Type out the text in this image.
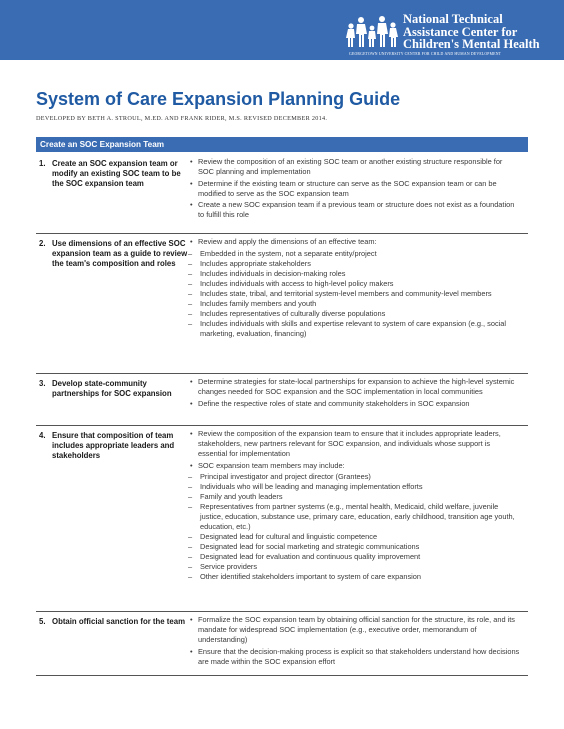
National Technical
Assistance Center for
Children's Mental Health
GEORGETOWN UNIVERSITY CENTER FOR CHILD AND HUMAN DEVELOPMENT
System of Care Expansion Planning Guide
DEVELOPED BY BETH A. STROUL, M.ED. AND FRANK RIDER, M.S. REVISED DECEMBER 2014.
Create an SOC Expansion Team
1. Create an SOC expansion team or modify an existing SOC team to be the SOC expansion team
• Review the composition of an existing SOC team or another existing structure responsible for SOC planning and implementation
• Determine if the existing team or structure can serve as the SOC expansion team or can be modified to serve as the SOC expansion team
• Create a new SOC expansion team if a previous team or structure does not exist as a foundation to fulfill this role
2. Use dimensions of an effective SOC expansion team as a guide to review the team's composition and roles
• Review and apply the dimensions of an effective team:
–	Embedded in the system, not a separate entity/project
–	Includes appropriate stakeholders
–	Includes individuals in decision-making roles
–	Includes individuals with access to high-level policy makers
–	Includes state, tribal, and territorial system-level members and community-level members
–	Includes family members and youth
–	Includes representatives of culturally diverse populations
–	Includes individuals with skills and expertise relevant to system of care expansion (e.g., social marketing, evaluation, financing)
3. Develop state-community partnerships for SOC expansion
• Determine strategies for state-local partnerships for expansion to achieve the high-level systemic changes needed for SOC expansion and the SOC implementation in local communities
• Define the respective roles of state and community stakeholders in SOC expansion
4. Ensure that composition of team includes appropriate leaders and stakeholders
• Review the composition of the expansion team to ensure that it includes appropriate leaders, stakeholders, new partners relevant for SOC expansion, and individuals whose support is essential for implementation
• SOC expansion team members may include:
–	Principal investigator and project director (Grantees)
–	Individuals who will be leading and managing implementation efforts
–	Family and youth leaders
–	Representatives from partner systems (e.g., mental health, Medicaid, child welfare, juvenile justice, education, substance use, primary care, education, early childhood, transition age youth, education, etc.)
–	Designated lead for cultural and linguistic competence
–	Designated lead for social marketing and strategic communications
–	Designated lead for evaluation and continuous quality improvement
–	Service providers
–	Other identified stakeholders important to system of care expansion
5. Obtain official sanction for the team • Formalize the SOC expansion team by obtaining official sanction for the structure, its role, and its mandate for widespread SOC implementation (e.g., executive order, memorandum of understanding)
• Ensure that the decision-making process is explicit so that stakeholders understand how decisions are made within the SOC expansion effort
